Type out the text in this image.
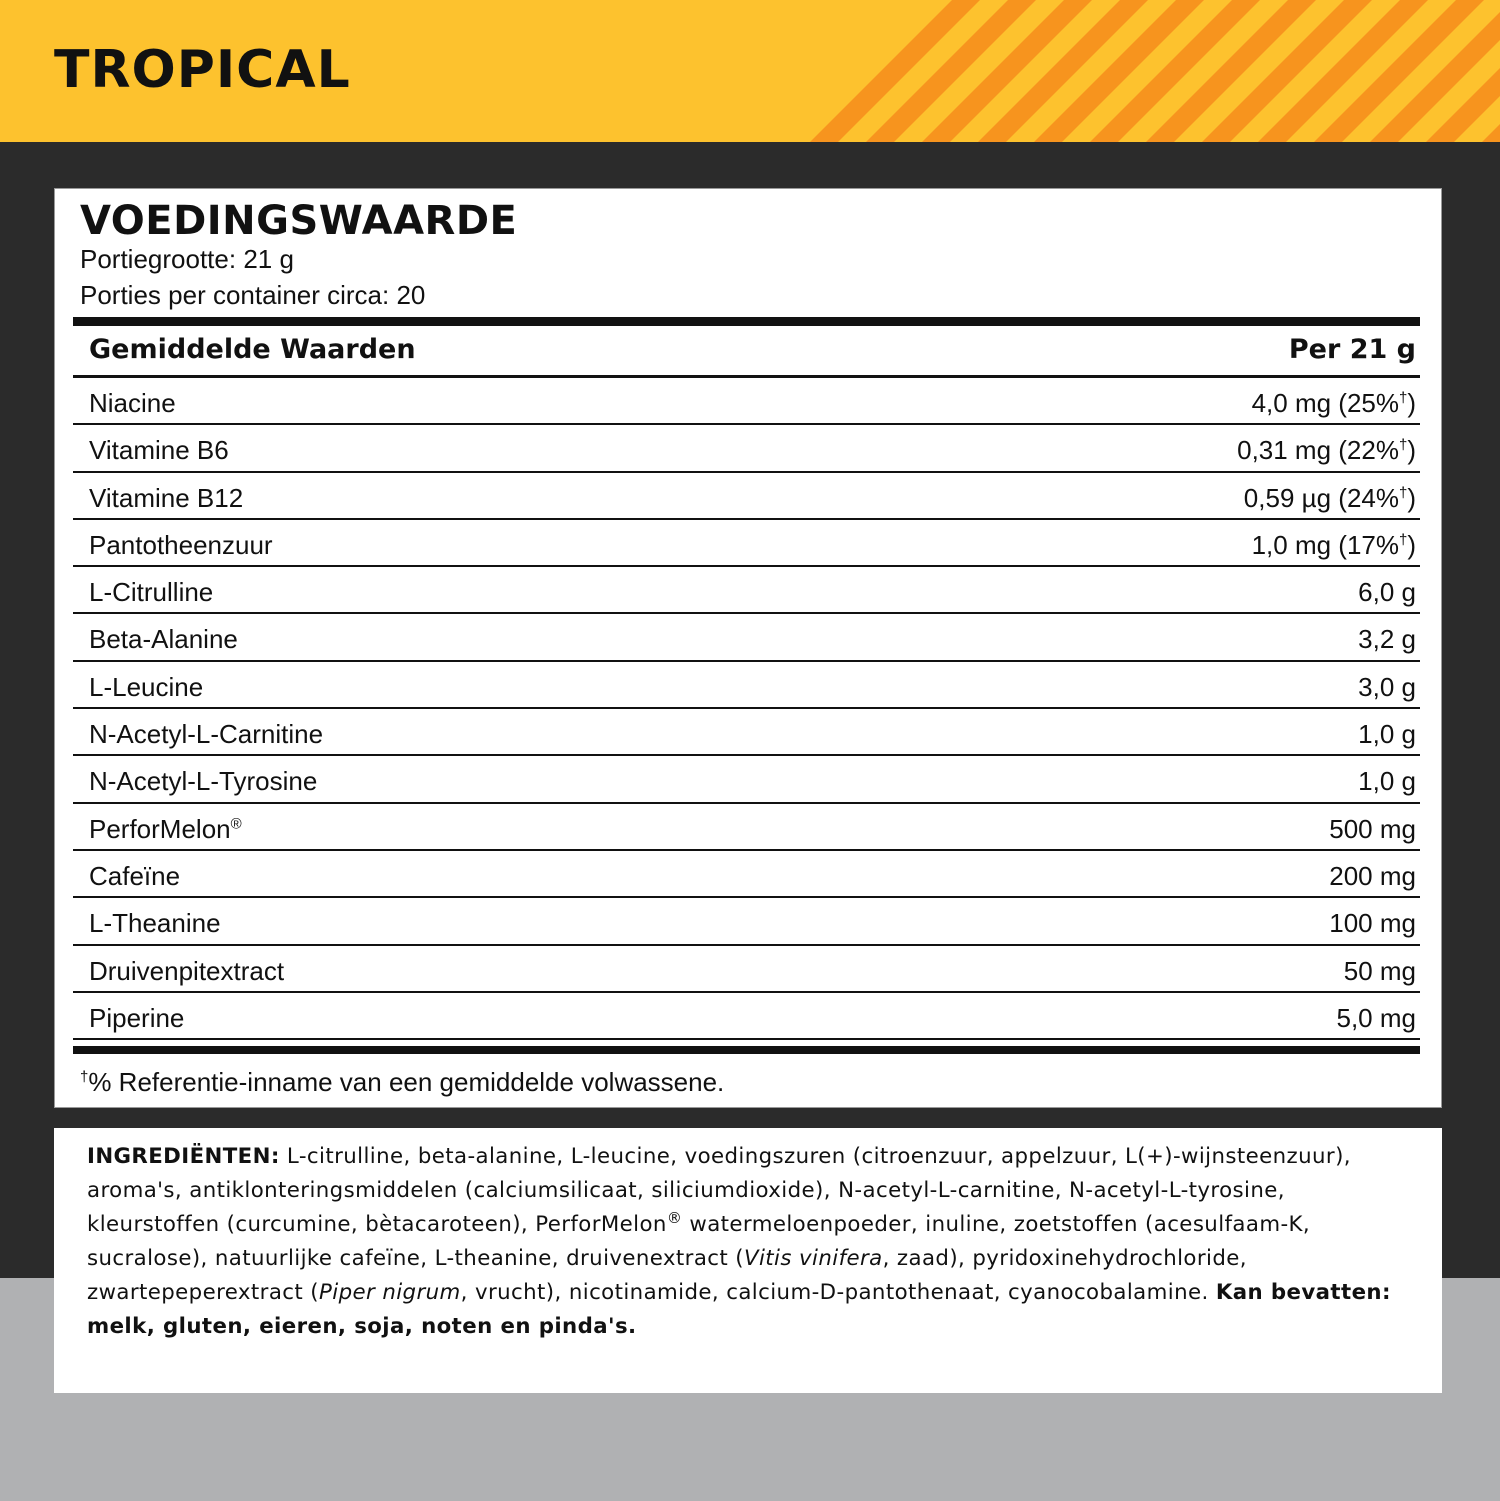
TROPICAL
VOEDINGSWAARDE
Portiegrootte: 21 g
Porties per container circa: 20
Gemiddelde Waarden	Per 21 g
Niacine	4,0 mg (25%†)
Vitamine B6	0,31 mg (22%†)
Vitamine B12	0,59 µg (24%†)
Pantotheenzuur	1,0 mg (17%†)
L-Citrulline	6,0 g
Beta-Alanine	3,2 g
L-Leucine	3,0 g
N-Acetyl-L-Carnitine	1,0 g
N-Acetyl-L-Tyrosine	1,0 g
PerforMelon®	500 mg
Cafeïne	200 mg
L-Theanine	100 mg
Druivenpitextract	50 mg
Piperine	5,0 mg
†% Referentie-inname van een gemiddelde volwassene.

INGREDIËNTEN: L-citrulline, beta-alanine, L-leucine, voedingszuren (citroenzuur, appelzuur, L(+)-wijnsteenzuur), aroma's, antiklonteringsmiddelen (calciumsilicaat, siliciumdioxide), N-acetyl-L-carnitine, N-acetyl-L-tyrosine, kleurstoffen (curcumine, bètacaroteen), PerforMelon® watermeloenpoeder, inuline, zoetstoffen (acesulfaam-K, sucralose), natuurlijke cafeïne, L-theanine, druivenextract (Vitis vinifera, zaad), pyridoxinehydrochloride, zwartepeperextract (Piper nigrum, vrucht), nicotinamide, calcium-D-pantothenaat, cyanocobalamine. Kan bevatten: melk, gluten, eieren, soja, noten en pinda's.
